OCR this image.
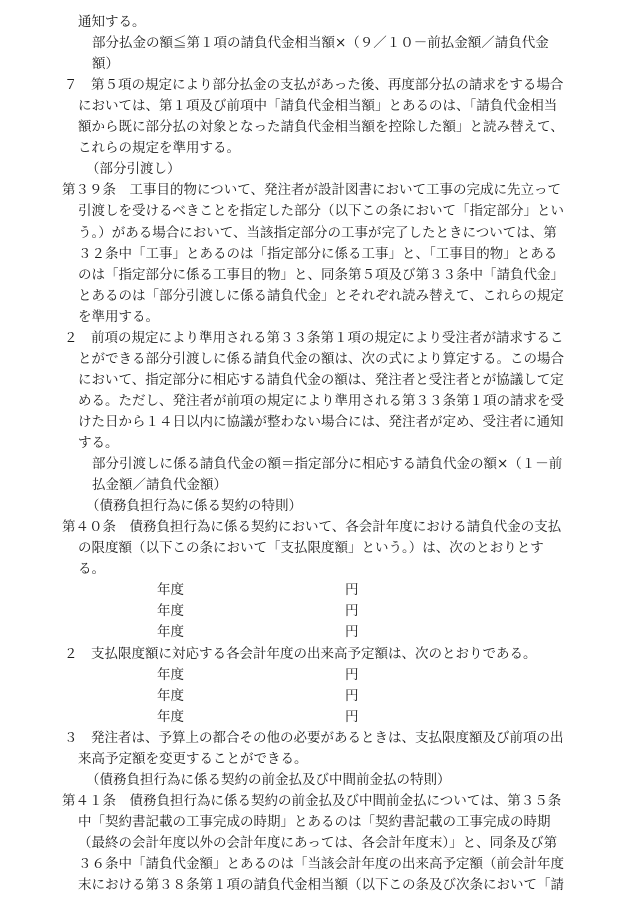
通知する。
部分払金の額≦第１項の請負代金相当額×（９／１０－前払金額／請負代金
額）
７　第５項の規定により部分払金の支払があった後、再度部分払の請求をする場合
においては、第１項及び前項中「請負代金相当額」とあるのは、「請負代金相当
額から既に部分払の対象となった請負代金相当額を控除した額」と読み替えて、
これらの規定を準用する。
（部分引渡し）
第３９条　工事目的物について、発注者が設計図書において工事の完成に先立って
引渡しを受けるべきことを指定した部分（以下この条において「指定部分」とい
う。）がある場合において、当該指定部分の工事が完了したときについては、第
３２条中「工事」とあるのは「指定部分に係る工事」と、「工事目的物」とある
のは「指定部分に係る工事目的物」と、同条第５項及び第３３条中「請負代金」
とあるのは「部分引渡しに係る請負代金」とそれぞれ読み替えて、これらの規定
を準用する。
２　前項の規定により準用される第３３条第１項の規定により受注者が請求するこ
とができる部分引渡しに係る請負代金の額は、次の式により算定する。この場合
において、指定部分に相応する請負代金の額は、発注者と受注者とが協議して定
める。ただし、発注者が前項の規定により準用される第３３条第１項の請求を受
けた日から１４日以内に協議が整わない場合には、発注者が定め、受注者に通知
する。
部分引渡しに係る請負代金の額＝指定部分に相応する請負代金の額×（１－前
払金額／請負代金額）
（債務負担行為に係る契約の特則）
第４０条　債務負担行為に係る契約において、各会計年度における請負代金の支払
の限度額（以下この条において「支払限度額」という。）は、次のとおりとす
る。
年度	円
年度	円
年度	円
２　支払限度額に対応する各会計年度の出来高予定額は、次のとおりである。
年度	円
年度	円
年度	円
３　発注者は、予算上の都合その他の必要があるときは、支払限度額及び前項の出
来高予定額を変更することができる。
（債務負担行為に係る契約の前金払及び中間前金払の特則）
第４１条　債務負担行為に係る契約の前金払及び中間前金払については、第３５条
中「契約書記載の工事完成の時期」とあるのは「契約書記載の工事完成の時期
（最終の会計年度以外の会計年度にあっては、各会計年度末）」と、同条及び第
３６条中「請負代金額」とあるのは「当該会計年度の出来高予定額（前会計年度
末における第３８条第１項の請負代金相当額（以下この条及び次条において「請
